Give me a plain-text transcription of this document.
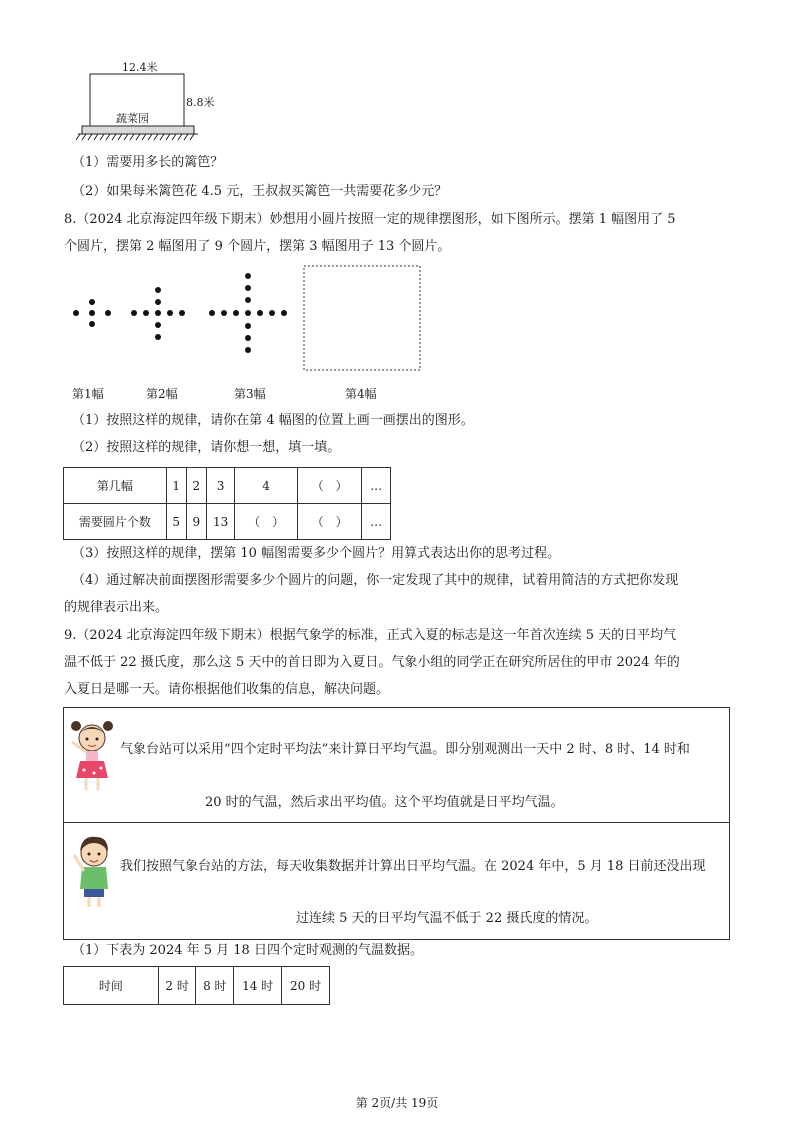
12.4米
8.8米
蔬菜园
（1）需要用多长的篱笆？
（2）如果每米篱笆花 4.5 元，王叔叔买篱笆一共需要花多少元？
8.（2024 北京海淀四年级下期末）妙想用小圆片按照一定的规律摆图形，如下图所示。摆第 1 幅图用了 5
个圆片，摆第 2 幅图用了 9 个圆片，摆第 3 幅图用子 13 个圆片。
第1幅	第2幅	第3幅	第4幅
（1）按照这样的规律，请你在第 4 幅图的位置上画一画摆出的图形。
（2）按照这样的规律，请你想一想，填一填。
第几幅	1	2	3	4	（　）	…
需要圆片个数	5	9	13	（　）	（　）	…
（3）按照这样的规律，摆第 10 幅图需要多少个圆片？用算式表达出你的思考过程。
（4）通过解决前面摆图形需要多少个圆片的问题，你一定发现了其中的规律，试着用简洁的方式把你发现
的规律表示出来。
9.（2024 北京海淀四年级下期末）根据气象学的标准，正式入夏的标志是这一年首次连续 5 天的日平均气
温不低于 22 摄氏度，那么这 5 天中的首日即为入夏日。气象小组的同学正在研究所居住的甲市 2024 年的
入夏日是哪一天。请你根据他们收集的信息，解决问题。
气象台站可以采用“四个定时平均法”来计算日平均气温。即分别观测出一天中 2 时、8 时、14 时和
20 时的气温，然后求出平均值。这个平均值就是日平均气温。
我们按照气象台站的方法，每天收集数据并计算出日平均气温。在 2024 年中，5 月 18 日前还没出现
过连续 5 天的日平均气温不低于 22 摄氏度的情况。
（1）下表为 2024 年 5 月 18 日四个定时观测的气温数据。
时间	2 时	8 时	14 时	20 时
第 2页/共 19页
